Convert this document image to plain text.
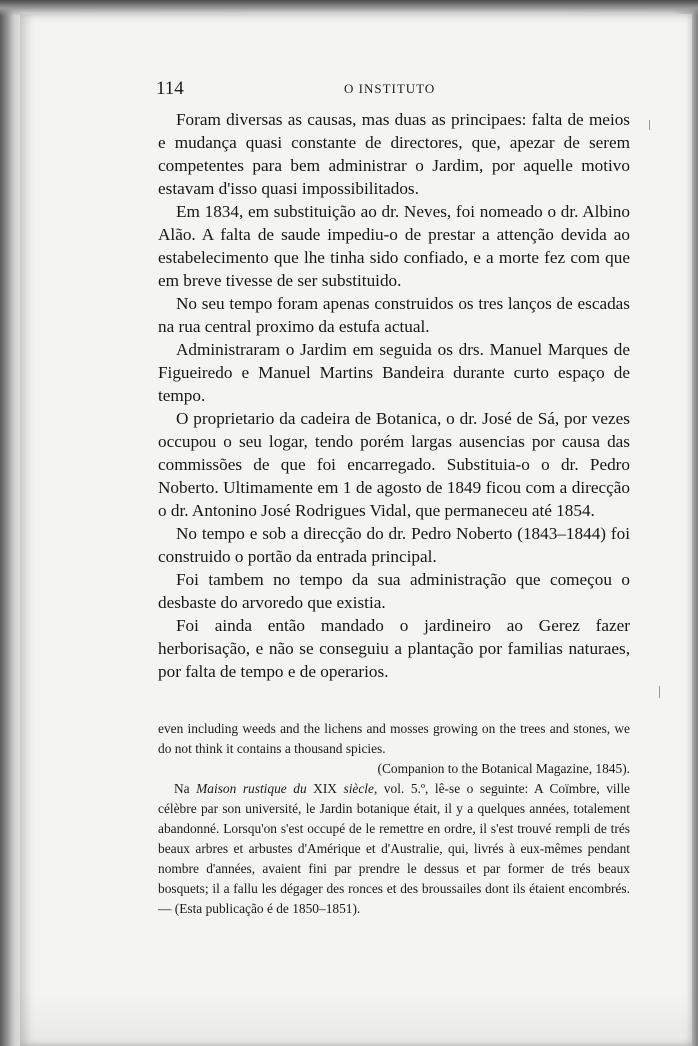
114	O INSTITUTO

Foram diversas as causas, mas duas as principaes: falta de meios e mudança quasi constante de directores, que, apezar de serem competentes para bem administrar o Jardim, por aquelle motivo estavam d'isso quasi impossibilitados.

Em 1834, em substituição ao dr. Neves, foi nomeado o dr. Albino Alão. A falta de saude impediu-o de prestar a attenção devida ao estabelecimento que lhe tinha sido confiado, e a morte fez com que em breve tivesse de ser substituido.

No seu tempo foram apenas construidos os tres lanços de escadas na rua central proximo da estufa actual.

Administraram o Jardim em seguida os drs. Manuel Marques de Figueiredo e Manuel Martins Bandeira durante curto espaço de tempo.

O proprietario da cadeira de Botanica, o dr. José de Sá, por vezes occupou o seu logar, tendo porém largas ausencias por causa das commissões de que foi encarregado. Substituia-o o dr. Pedro Noberto. Ultimamente em 1 de agosto de 1849 ficou com a direcção o dr. Antonino José Rodrigues Vidal, que permaneceu até 1854.

No tempo e sob a direcção do dr. Pedro Noberto (1843–1844) foi construido o portão da entrada principal.

Foi tambem no tempo da sua administração que começou o desbaste do arvoredo que existia.

Foi ainda então mandado o jardineiro ao Gerez fazer herborisação, e não se conseguiu a plantação por familias naturaes, por falta de tempo e de operarios.

even including weeds and the lichens and mosses growing on the trees and stones, we do not think it contains a thousand spicies.

(Companion to the Botanical Magazine, 1845).

Na Maison rustique du XIX siècle, vol. 5.º, lê-se o seguinte: A Coïmbre, ville célèbre par son université, le Jardin botanique était, il y a quelques années, totalement abandonné. Lorsqu'on s'est occupé de le remettre en ordre, il s'est trouvé rempli de trés beaux arbres et arbustes d'Amérique et d'Australie, qui, livrés à eux-mêmes pendant nombre d'années, avaient fini par prendre le dessus et par former de trés beaux bosquets; il a fallu les dégager des ronces et des broussailes dont ils étaient encombrés. — (Esta publicação é de 1850–1851).
